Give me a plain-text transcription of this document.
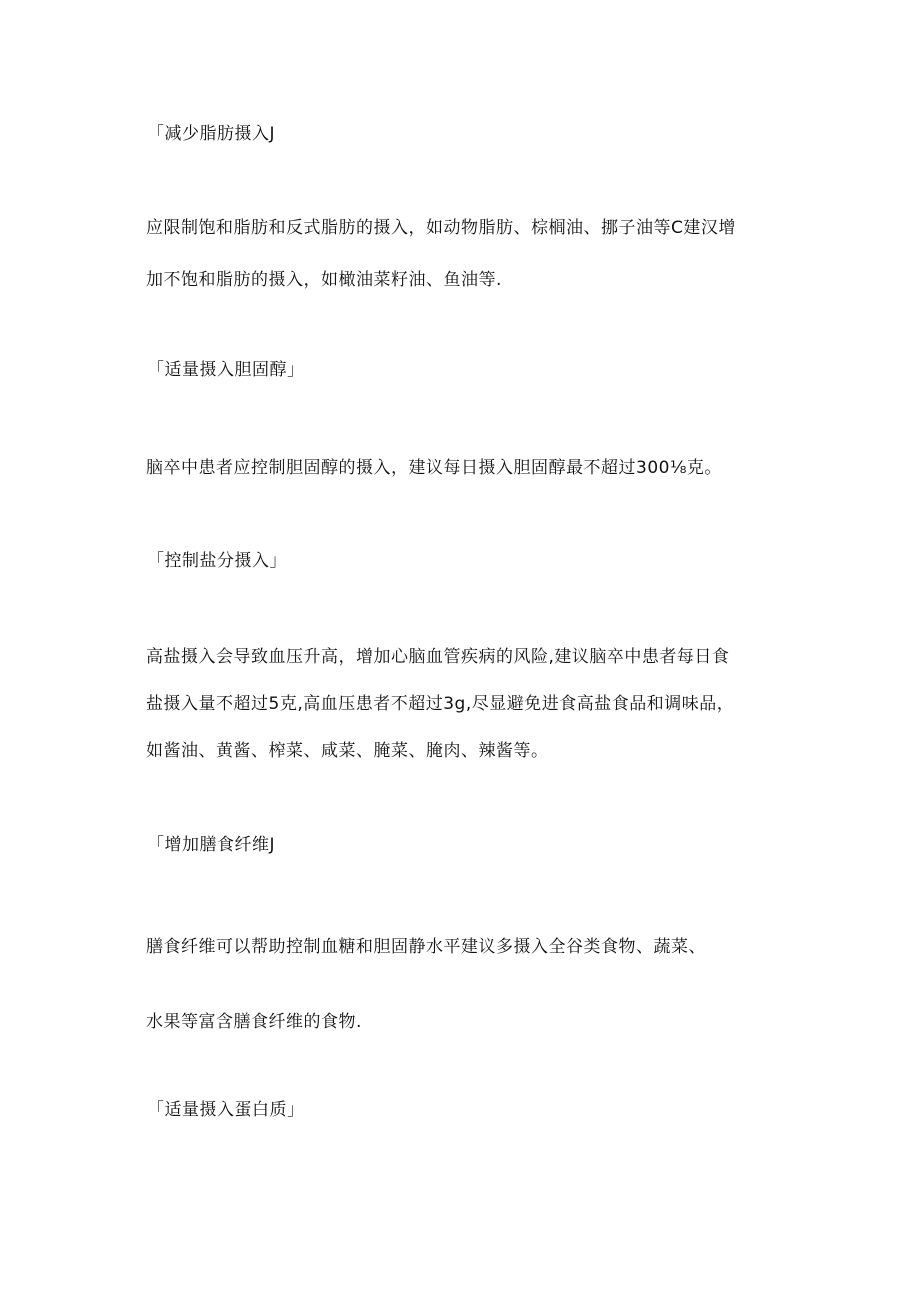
「减少脂肪摄入J
应限制饱和脂肪和反式脂肪的摄入，如动物脂肪、棕榈油、挪子油等C建汉增
加不饱和脂肪的摄入，如橄油菜籽油、鱼油等.
「适量摄入胆固醇」
脑卒中患者应控制胆固醇的摄入，建议每日摄入胆固醇最不超过300⅛克。
「控制盐分摄入」
高盐摄入会导致血压升高，增加心脑血管疾病的风险,建议脑卒中患者每日食
盐摄入量不超过5克,高血压患者不超过3g,尽显避免进食高盐食品和调味品，
如酱油、黄酱、榨菜、咸菜、腌菜、腌肉、辣酱等。
「增加膳食纤维J
膳食纤维可以帮助控制血糖和胆固静水平建议多摄入全谷类食物、蔬菜、
水果等富含膳食纤维的食物.
「适量摄入蛋白质」
